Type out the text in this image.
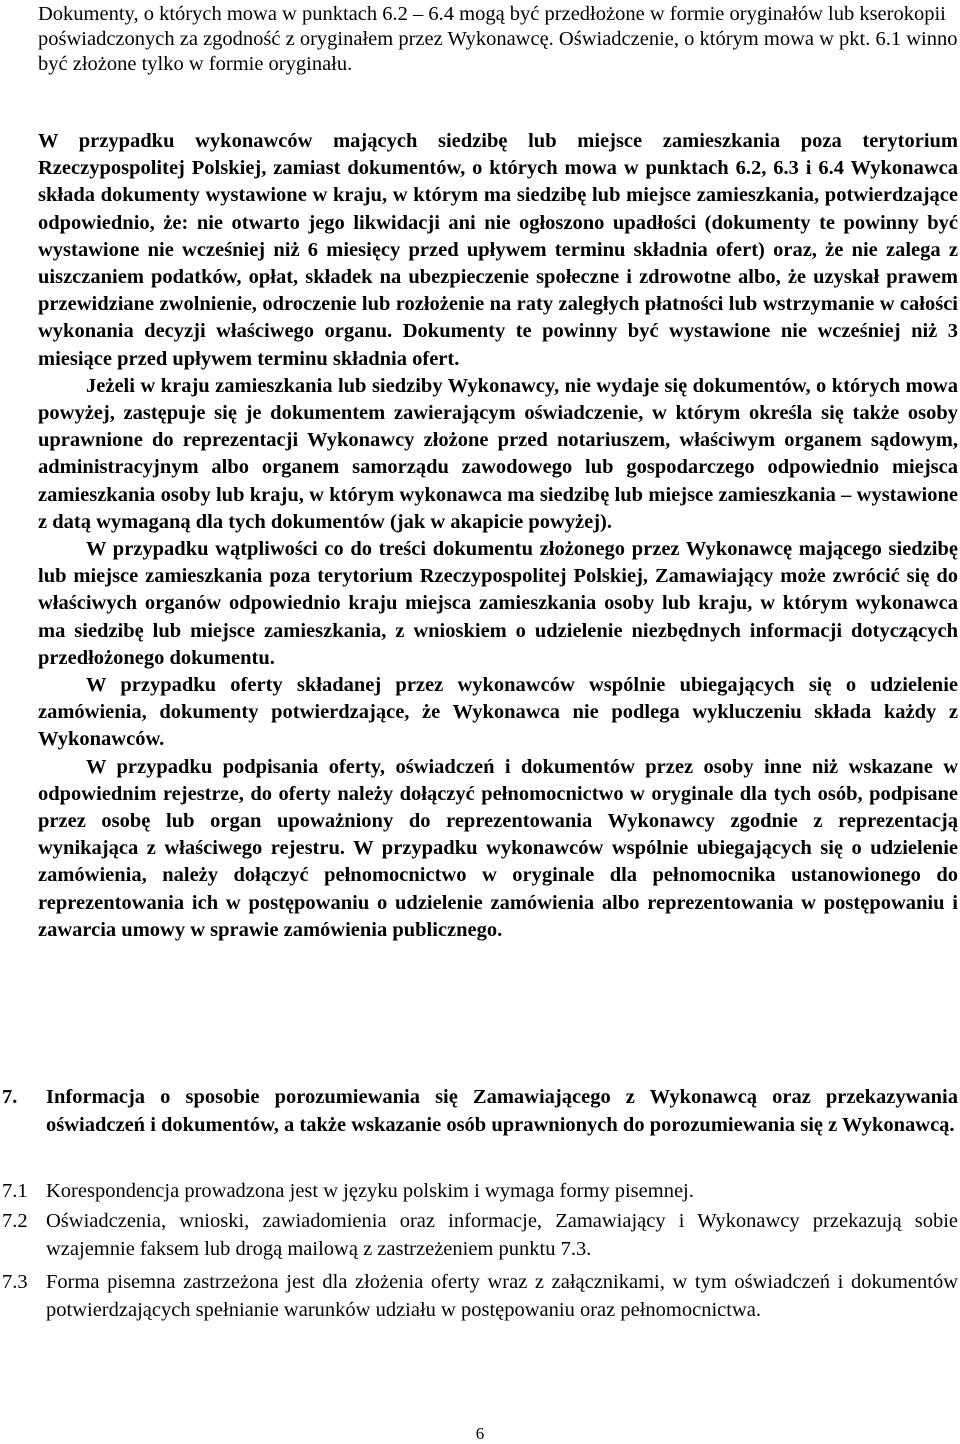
Dokumenty, o których mowa w punktach 6.2 – 6.4 mogą być przedłożone w formie oryginałów lub kserokopii poświadczonych za zgodność z oryginałem przez Wykonawcę. Oświadczenie, o którym mowa w pkt. 6.1 winno być złożone tylko w formie oryginału.

W przypadku wykonawców mających siedzibę lub miejsce zamieszkania poza terytorium Rzeczypospolitej Polskiej, zamiast dokumentów, o których mowa w punktach 6.2, 6.3 i 6.4 Wykonawca składa dokumenty wystawione w kraju, w którym ma siedzibę lub miejsce zamieszkania, potwierdzające odpowiednio, że: nie otwarto jego likwidacji ani nie ogłoszono upadłości (dokumenty te powinny być wystawione nie wcześniej niż 6 miesięcy przed upływem terminu składnia ofert) oraz, że nie zalega z uiszczaniem podatków, opłat, składek na ubezpieczenie społeczne i zdrowotne albo, że uzyskał prawem przewidziane zwolnienie, odroczenie lub rozłożenie na raty zaległych płatności lub wstrzymanie w całości wykonania decyzji właściwego organu. Dokumenty te powinny być wystawione nie wcześniej niż 3 miesiące przed upływem terminu składnia ofert.

Jeżeli w kraju zamieszkania lub siedziby Wykonawcy, nie wydaje się dokumentów, o których mowa powyżej, zastępuje się je dokumentem zawierającym oświadczenie, w którym określa się także osoby uprawnione do reprezentacji Wykonawcy złożone przed notariuszem, właściwym organem sądowym, administracyjnym albo organem samorządu zawodowego lub gospodarczego odpowiednio miejsca zamieszkania osoby lub kraju, w którym wykonawca ma siedzibę lub miejsce zamieszkania – wystawione z datą wymaganą dla tych dokumentów (jak w akapicie powyżej).

W przypadku wątpliwości co do treści dokumentu złożonego przez Wykonawcę mającego siedzibę lub miejsce zamieszkania poza terytorium Rzeczypospolitej Polskiej, Zamawiający może zwrócić się do właściwych organów odpowiednio kraju miejsca zamieszkania osoby lub kraju, w którym wykonawca ma siedzibę lub miejsce zamieszkania, z wnioskiem o udzielenie niezbędnych informacji dotyczących przedłożonego dokumentu.

W przypadku oferty składanej przez wykonawców wspólnie ubiegających się o udzielenie zamówienia, dokumenty potwierdzające, że Wykonawca nie podlega wykluczeniu składa każdy z Wykonawców.

W przypadku podpisania oferty, oświadczeń i dokumentów przez osoby inne niż wskazane w odpowiednim rejestrze, do oferty należy dołączyć pełnomocnictwo w oryginale dla tych osób, podpisane przez osobę lub organ upoważniony do reprezentowania Wykonawcy zgodnie z reprezentacją wynikająca z właściwego rejestru. W przypadku wykonawców wspólnie ubiegających się o udzielenie zamówienia, należy dołączyć pełnomocnictwo w oryginale dla pełnomocnika ustanowionego do reprezentowania ich w postępowaniu o udzielenie zamówienia albo reprezentowania w postępowaniu i zawarcia umowy w sprawie zamówienia publicznego.

7. Informacja o sposobie porozumiewania się Zamawiającego z Wykonawcą oraz przekazywania oświadczeń i dokumentów, a także wskazanie osób uprawnionych do porozumiewania się z Wykonawcą.
7.1 Korespondencja prowadzona jest w języku polskim i wymaga formy pisemnej.
7.2 Oświadczenia, wnioski, zawiadomienia oraz informacje, Zamawiający i Wykonawcy przekazują sobie wzajemnie faksem lub drogą mailową z zastrzeżeniem punktu 7.3.
7.3 Forma pisemna zastrzeżona jest dla złożenia oferty wraz z załącznikami, w tym oświadczeń i dokumentów potwierdzających spełnianie warunków udziału w postępowaniu oraz pełnomocnictwa.
6
